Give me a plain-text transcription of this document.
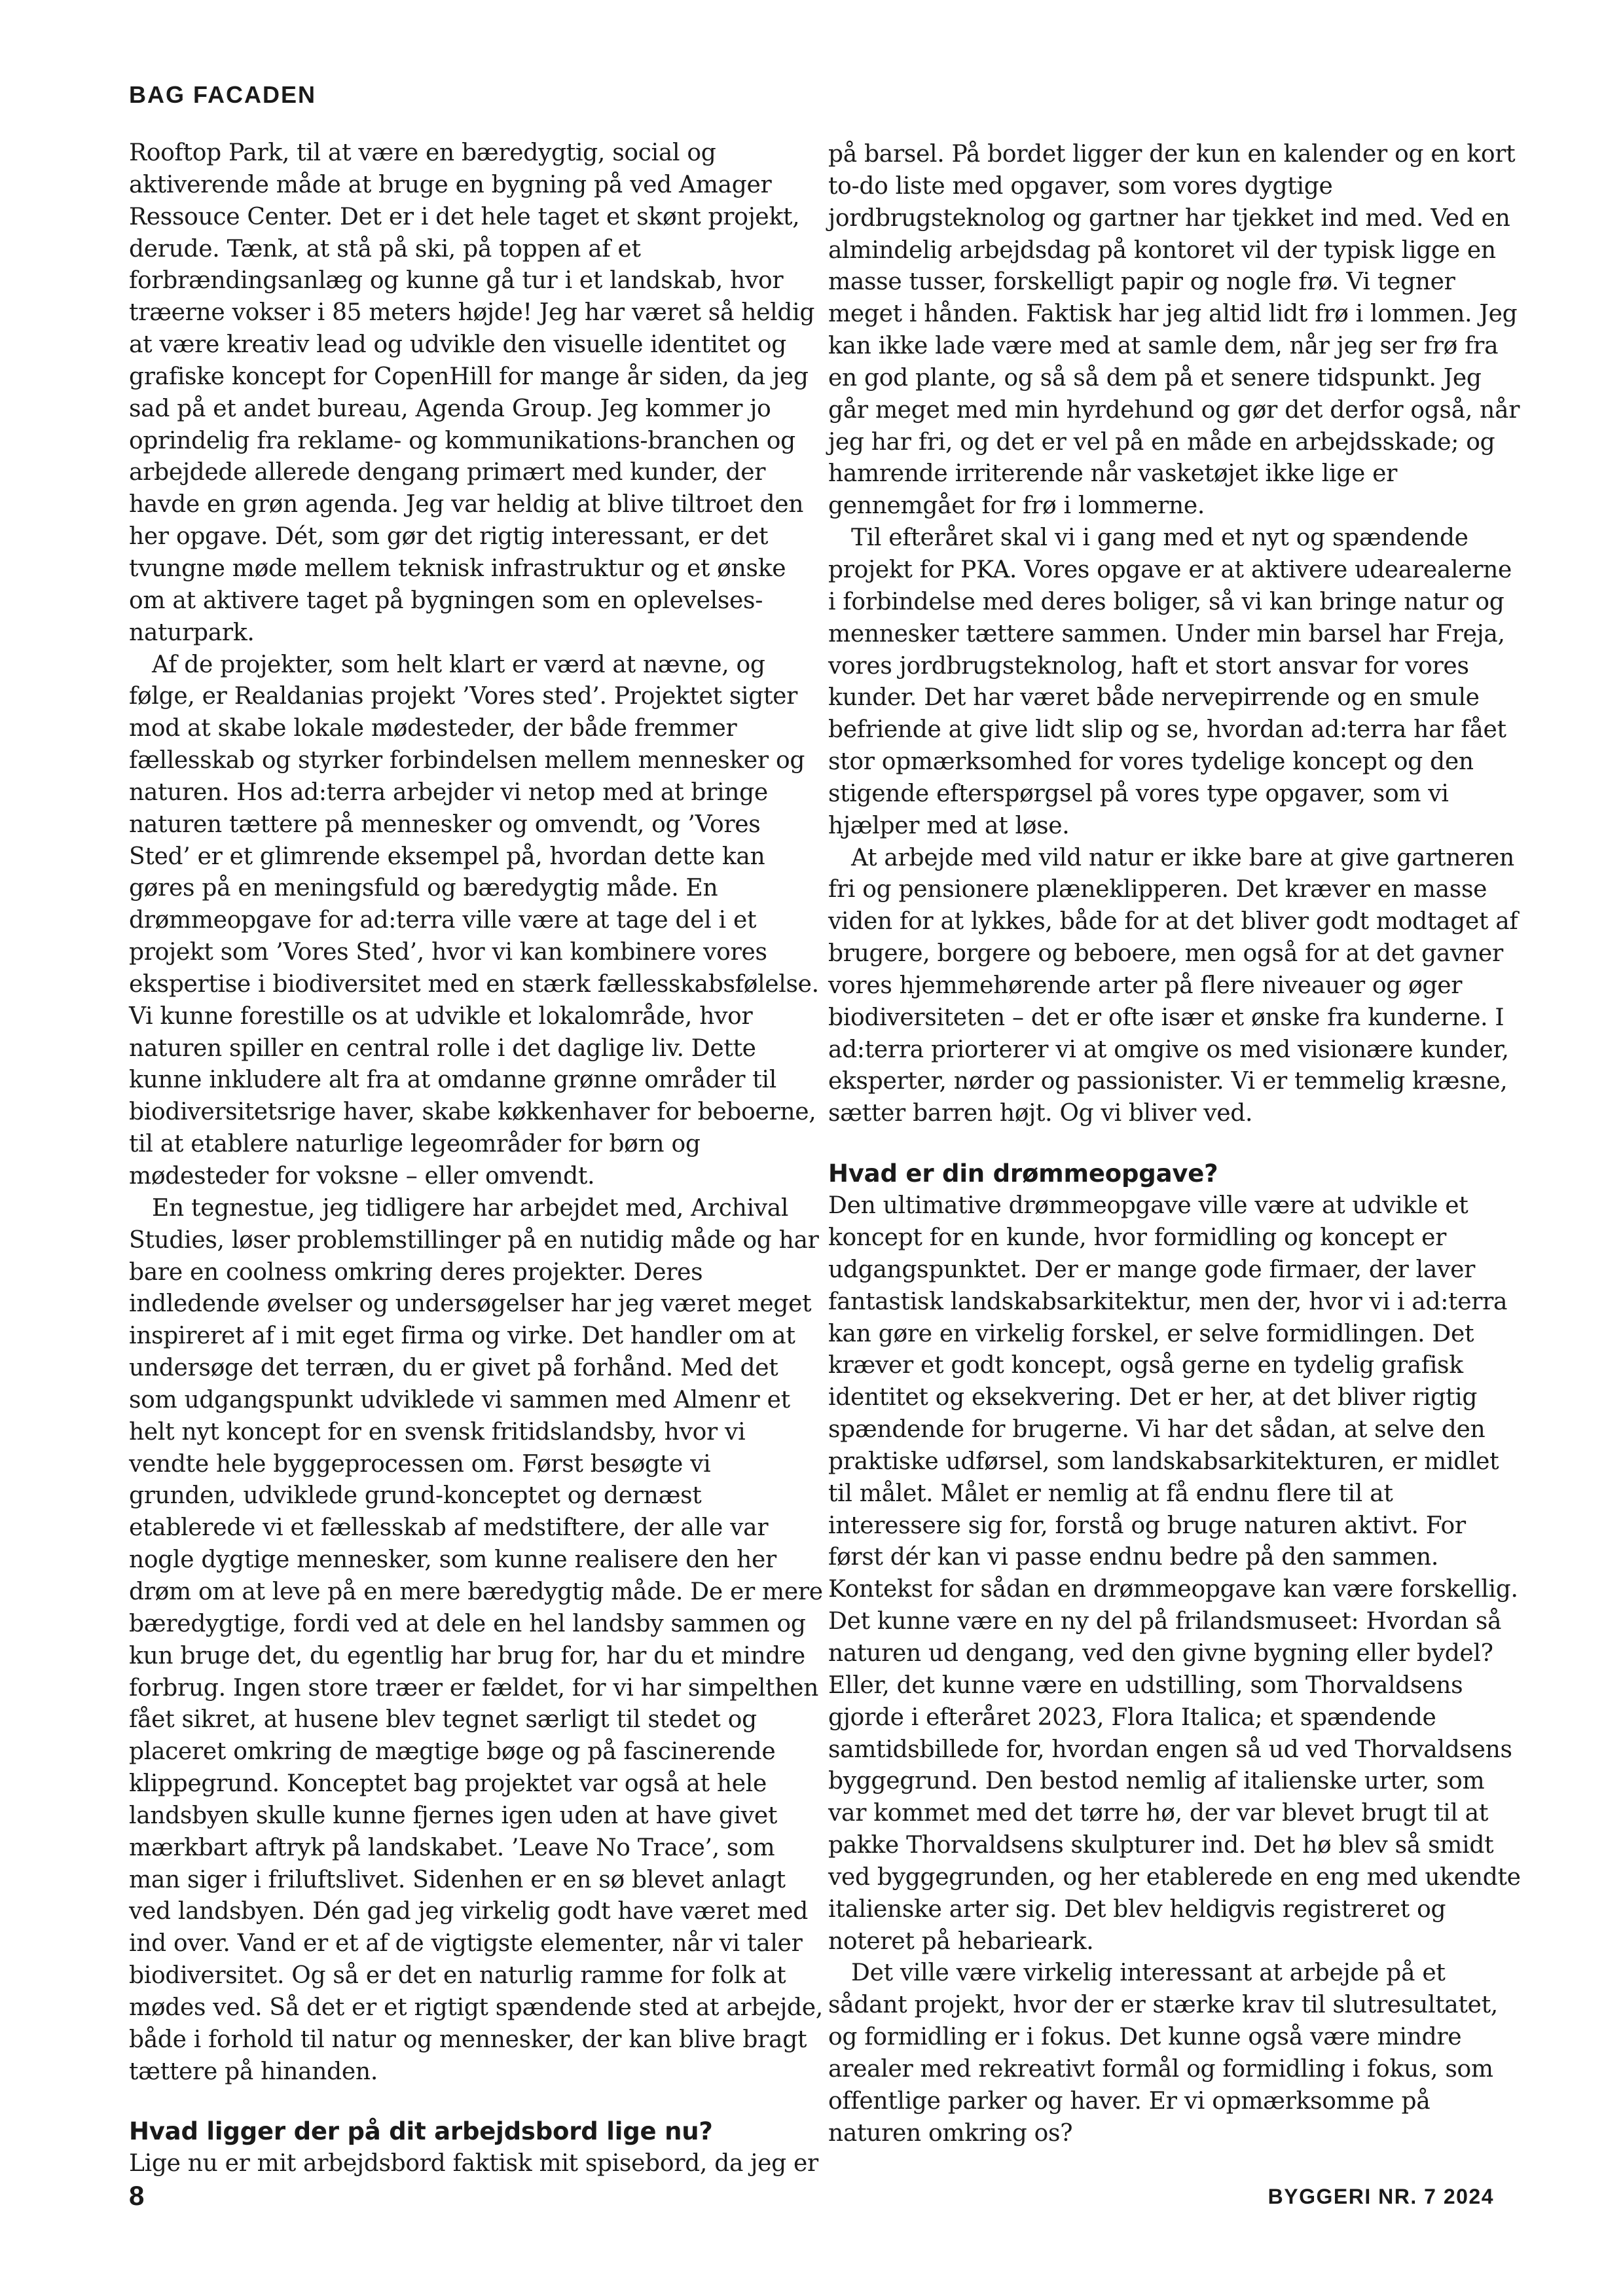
BAG FACADEN

Rooftop Park, til at være en bæredygtig, social og aktiverende måde at bruge en bygning på ved Amager Ressouce Center. Det er i det hele taget et skønt projekt, derude. Tænk, at stå på ski, på toppen af et forbrændingsanlæg og kunne gå tur i et landskab, hvor træerne vokser i 85 meters højde! Jeg har været så heldig at være kreativ lead og udvikle den visuelle identitet og grafiske koncept for CopenHill for mange år siden, da jeg sad på et andet bureau, Agenda Group. Jeg kommer jo oprindelig fra reklame- og kommunikations-branchen og arbejdede allerede dengang primært med kunder, der havde en grøn agenda. Jeg var heldig at blive tiltroet den her opgave. Dét, som gør det rigtig interessant, er det tvungne møde mellem teknisk infrastruktur og et ønske om at aktivere taget på bygningen som en oplevelses-naturpark.

Af de projekter, som helt klart er værd at nævne, og følge, er Realdanias projekt ’Vores sted’. Projektet sigter mod at skabe lokale mødesteder, der både fremmer fællesskab og styrker forbindelsen mellem mennesker og naturen. Hos ad:terra arbejder vi netop med at bringe naturen tættere på mennesker og omvendt, og ’Vores Sted’ er et glimrende eksempel på, hvordan dette kan gøres på en meningsfuld og bæredygtig måde. En drømmeopgave for ad:terra ville være at tage del i et projekt som ’Vores Sted’, hvor vi kan kombinere vores ekspertise i biodiversitet med en stærk fællesskabsfølelse. Vi kunne forestille os at udvikle et lokalområde, hvor naturen spiller en central rolle i det daglige liv. Dette kunne inkludere alt fra at omdanne grønne områder til biodiversitetsrige haver, skabe køkkenhaver for beboerne, til at etablere naturlige legeområder for børn og mødesteder for voksne – eller omvendt.

En tegnestue, jeg tidligere har arbejdet med, Archival Studies, løser problemstillinger på en nutidig måde og har bare en coolness omkring deres projekter. Deres indledende øvelser og undersøgelser har jeg været meget inspireret af i mit eget firma og virke. Det handler om at undersøge det terræn, du er givet på forhånd. Med det som udgangspunkt udviklede vi sammen med Almenr et helt nyt koncept for en svensk fritidslandsby, hvor vi vendte hele byggeprocessen om. Først besøgte vi grunden, udviklede grund-konceptet og dernæst etablerede vi et fællesskab af medstiftere, der alle var nogle dygtige mennesker, som kunne realisere den her drøm om at leve på en mere bæredygtig måde. De er mere bæredygtige, fordi ved at dele en hel landsby sammen og kun bruge det, du egentlig har brug for, har du et mindre forbrug. Ingen store træer er fældet, for vi har simpelthen fået sikret, at husene blev tegnet særligt til stedet og placeret omkring de mægtige bøge og på fascinerende klippegrund. Konceptet bag projektet var også at hele landsbyen skulle kunne fjernes igen uden at have givet mærkbart aftryk på landskabet. ’Leave No Trace’, som man siger i friluftslivet. Sidenhen er en sø blevet anlagt ved landsbyen. Dén gad jeg virkelig godt have været med ind over. Vand er et af de vigtigste elementer, når vi taler biodiversitet. Og så er det en naturlig ramme for folk at mødes ved. Så det er et rigtigt spændende sted at arbejde, både i forhold til natur og mennesker, der kan blive bragt tættere på hinanden.

Hvad ligger der på dit arbejdsbord lige nu?

Lige nu er mit arbejdsbord faktisk mit spisebord, da jeg er

på barsel. På bordet ligger der kun en kalender og en kort to-do liste med opgaver, som vores dygtige jordbrugsteknolog og gartner har tjekket ind med. Ved en almindelig arbejdsdag på kontoret vil der typisk ligge en masse tusser, forskelligt papir og nogle frø. Vi tegner meget i hånden. Faktisk har jeg altid lidt frø i lommen. Jeg kan ikke lade være med at samle dem, når jeg ser frø fra en god plante, og så så dem på et senere tidspunkt. Jeg går meget med min hyrdehund og gør det derfor også, når jeg har fri, og det er vel på en måde en arbejdsskade; og hamrende irriterende når vasketøjet ikke lige er gennemgået for frø i lommerne.

Til efteråret skal vi i gang med et nyt og spændende projekt for PKA. Vores opgave er at aktivere udearealerne i forbindelse med deres boliger, så vi kan bringe natur og mennesker tættere sammen. Under min barsel har Freja, vores jordbrugsteknolog, haft et stort ansvar for vores kunder. Det har været både nervepirrende og en smule befriende at give lidt slip og se, hvordan ad:terra har fået stor opmærksomhed for vores tydelige koncept og den stigende efterspørgsel på vores type opgaver, som vi hjælper med at løse.

At arbejde med vild natur er ikke bare at give gartneren fri og pensionere plæneklipperen. Det kræver en masse viden for at lykkes, både for at det bliver godt modtaget af brugere, borgere og beboere, men også for at det gavner vores hjemmehørende arter på flere niveauer og øger biodiversiteten – det er ofte især et ønske fra kunderne. I ad:terra priorterer vi at omgive os med visionære kunder, eksperter, nørder og passionister. Vi er temmelig kræsne, sætter barren højt. Og vi bliver ved.

Hvad er din drømmeopgave?

Den ultimative drømmeopgave ville være at udvikle et koncept for en kunde, hvor formidling og koncept er udgangspunktet. Der er mange gode firmaer, der laver fantastisk landskabsarkitektur, men der, hvor vi i ad:terra kan gøre en virkelig forskel, er selve formidlingen. Det kræver et godt koncept, også gerne en tydelig grafisk identitet og eksekvering. Det er her, at det bliver rigtig spændende for brugerne. Vi har det sådan, at selve den praktiske udførsel, som landskabsarkitekturen, er midlet til målet. Målet er nemlig at få endnu flere til at interessere sig for, forstå og bruge naturen aktivt. For først dér kan vi passe endnu bedre på den sammen. Kontekst for sådan en drømmeopgave kan være forskellig. Det kunne være en ny del på frilandsmuseet: Hvordan så naturen ud dengang, ved den givne bygning eller bydel? Eller, det kunne være en udstilling, som Thorvaldsens gjorde i efteråret 2023, Flora Italica; et spændende samtidsbillede for, hvordan engen så ud ved Thorvaldsens byggegrund. Den bestod nemlig af italienske urter, som var kommet med det tørre hø, der var blevet brugt til at pakke Thorvaldsens skulpturer ind. Det hø blev så smidt ved byggegrunden, og her etablerede en eng med ukendte italienske arter sig. Det blev heldigvis registreret og noteret på hebarieark.

Det ville være virkelig interessant at arbejde på et sådant projekt, hvor der er stærke krav til slutresultatet, og formidling er i fokus. Det kunne også være mindre arealer med rekreativt formål og formidling i fokus, som offentlige parker og haver. Er vi opmærksomme på naturen omkring os?

8	BYGGERI NR. 7 2024
